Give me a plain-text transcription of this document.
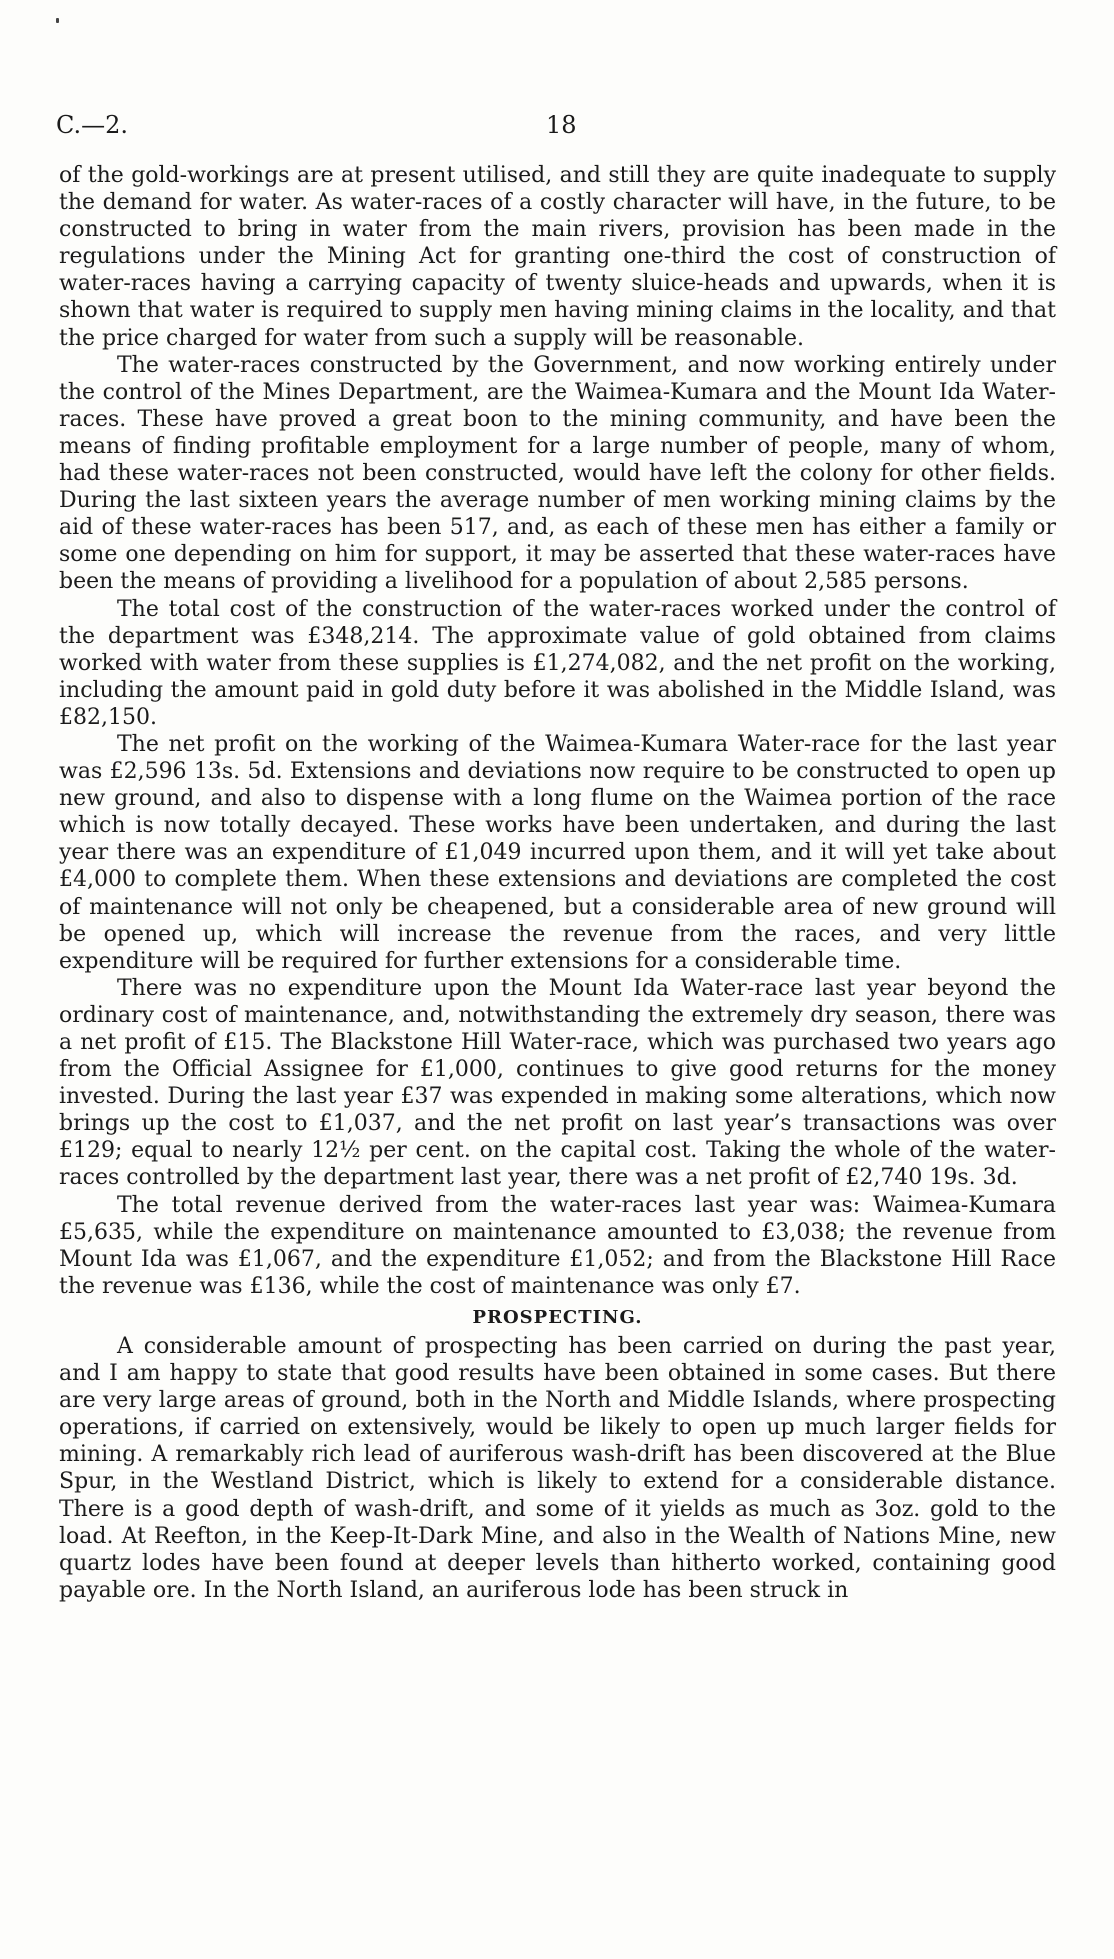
C.—2.	18

of the gold-workings are at present utilised, and still they are quite inadequate to supply the demand for water. As water-races of a costly character will have, in the future, to be constructed to bring in water from the main rivers, provision has been made in the regulations under the Mining Act for granting one-third the cost of construction of water-races having a carrying capacity of twenty sluice-heads and upwards, when it is shown that water is required to supply men having mining claims in the locality, and that the price charged for water from such a supply will be reasonable.

The water-races constructed by the Government, and now working entirely under the control of the Mines Department, are the Waimea-Kumara and the Mount Ida Water-races. These have proved a great boon to the mining community, and have been the means of finding profitable employment for a large number of people, many of whom, had these water-races not been constructed, would have left the colony for other fields. During the last sixteen years the average number of men working mining claims by the aid of these water-races has been 517, and, as each of these men has either a family or some one depending on him for support, it may be asserted that these water-races have been the means of providing a livelihood for a population of about 2,585 persons.

The total cost of the construction of the water-races worked under the control of the department was £348,214. The approximate value of gold obtained from claims worked with water from these supplies is £1,274,082, and the net profit on the working, including the amount paid in gold duty before it was abolished in the Middle Island, was £82,150.

The net profit on the working of the Waimea-Kumara Water-race for the last year was £2,596 13s. 5d. Extensions and deviations now require to be constructed to open up new ground, and also to dispense with a long flume on the Waimea portion of the race which is now totally decayed. These works have been undertaken, and during the last year there was an expenditure of £1,049 incurred upon them, and it will yet take about £4,000 to complete them. When these extensions and deviations are completed the cost of maintenance will not only be cheapened, but a considerable area of new ground will be opened up, which will increase the revenue from the races, and very little expenditure will be required for further extensions for a considerable time.

There was no expenditure upon the Mount Ida Water-race last year beyond the ordinary cost of maintenance, and, notwithstanding the extremely dry season, there was a net profit of £15. The Blackstone Hill Water-race, which was purchased two years ago from the Official Assignee for £1,000, continues to give good returns for the money invested. During the last year £37 was expended in making some alterations, which now brings up the cost to £1,037, and the net profit on last year’s transactions was over £129; equal to nearly 12½ per cent. on the capital cost. Taking the whole of the water-races controlled by the department last year, there was a net profit of £2,740 19s. 3d.

The total revenue derived from the water-races last year was: Waimea-Kumara £5,635, while the expenditure on maintenance amounted to £3,038; the revenue from Mount Ida was £1,067, and the expenditure £1,052; and from the Blackstone Hill Race the revenue was £136, while the cost of maintenance was only £7.

PROSPECTING.

A considerable amount of prospecting has been carried on during the past year, and I am happy to state that good results have been obtained in some cases. But there are very large areas of ground, both in the North and Middle Islands, where prospecting operations, if carried on extensively, would be likely to open up much larger fields for mining. A remarkably rich lead of auriferous wash-drift has been discovered at the Blue Spur, in the Westland District, which is likely to extend for a considerable distance. There is a good depth of wash-drift, and some of it yields as much as 3oz. gold to the load. At Reefton, in the Keep-It-Dark Mine, and also in the Wealth of Nations Mine, new quartz lodes have been found at deeper levels than hitherto worked, containing good payable ore. In the North Island, an auriferous lode has been struck in
